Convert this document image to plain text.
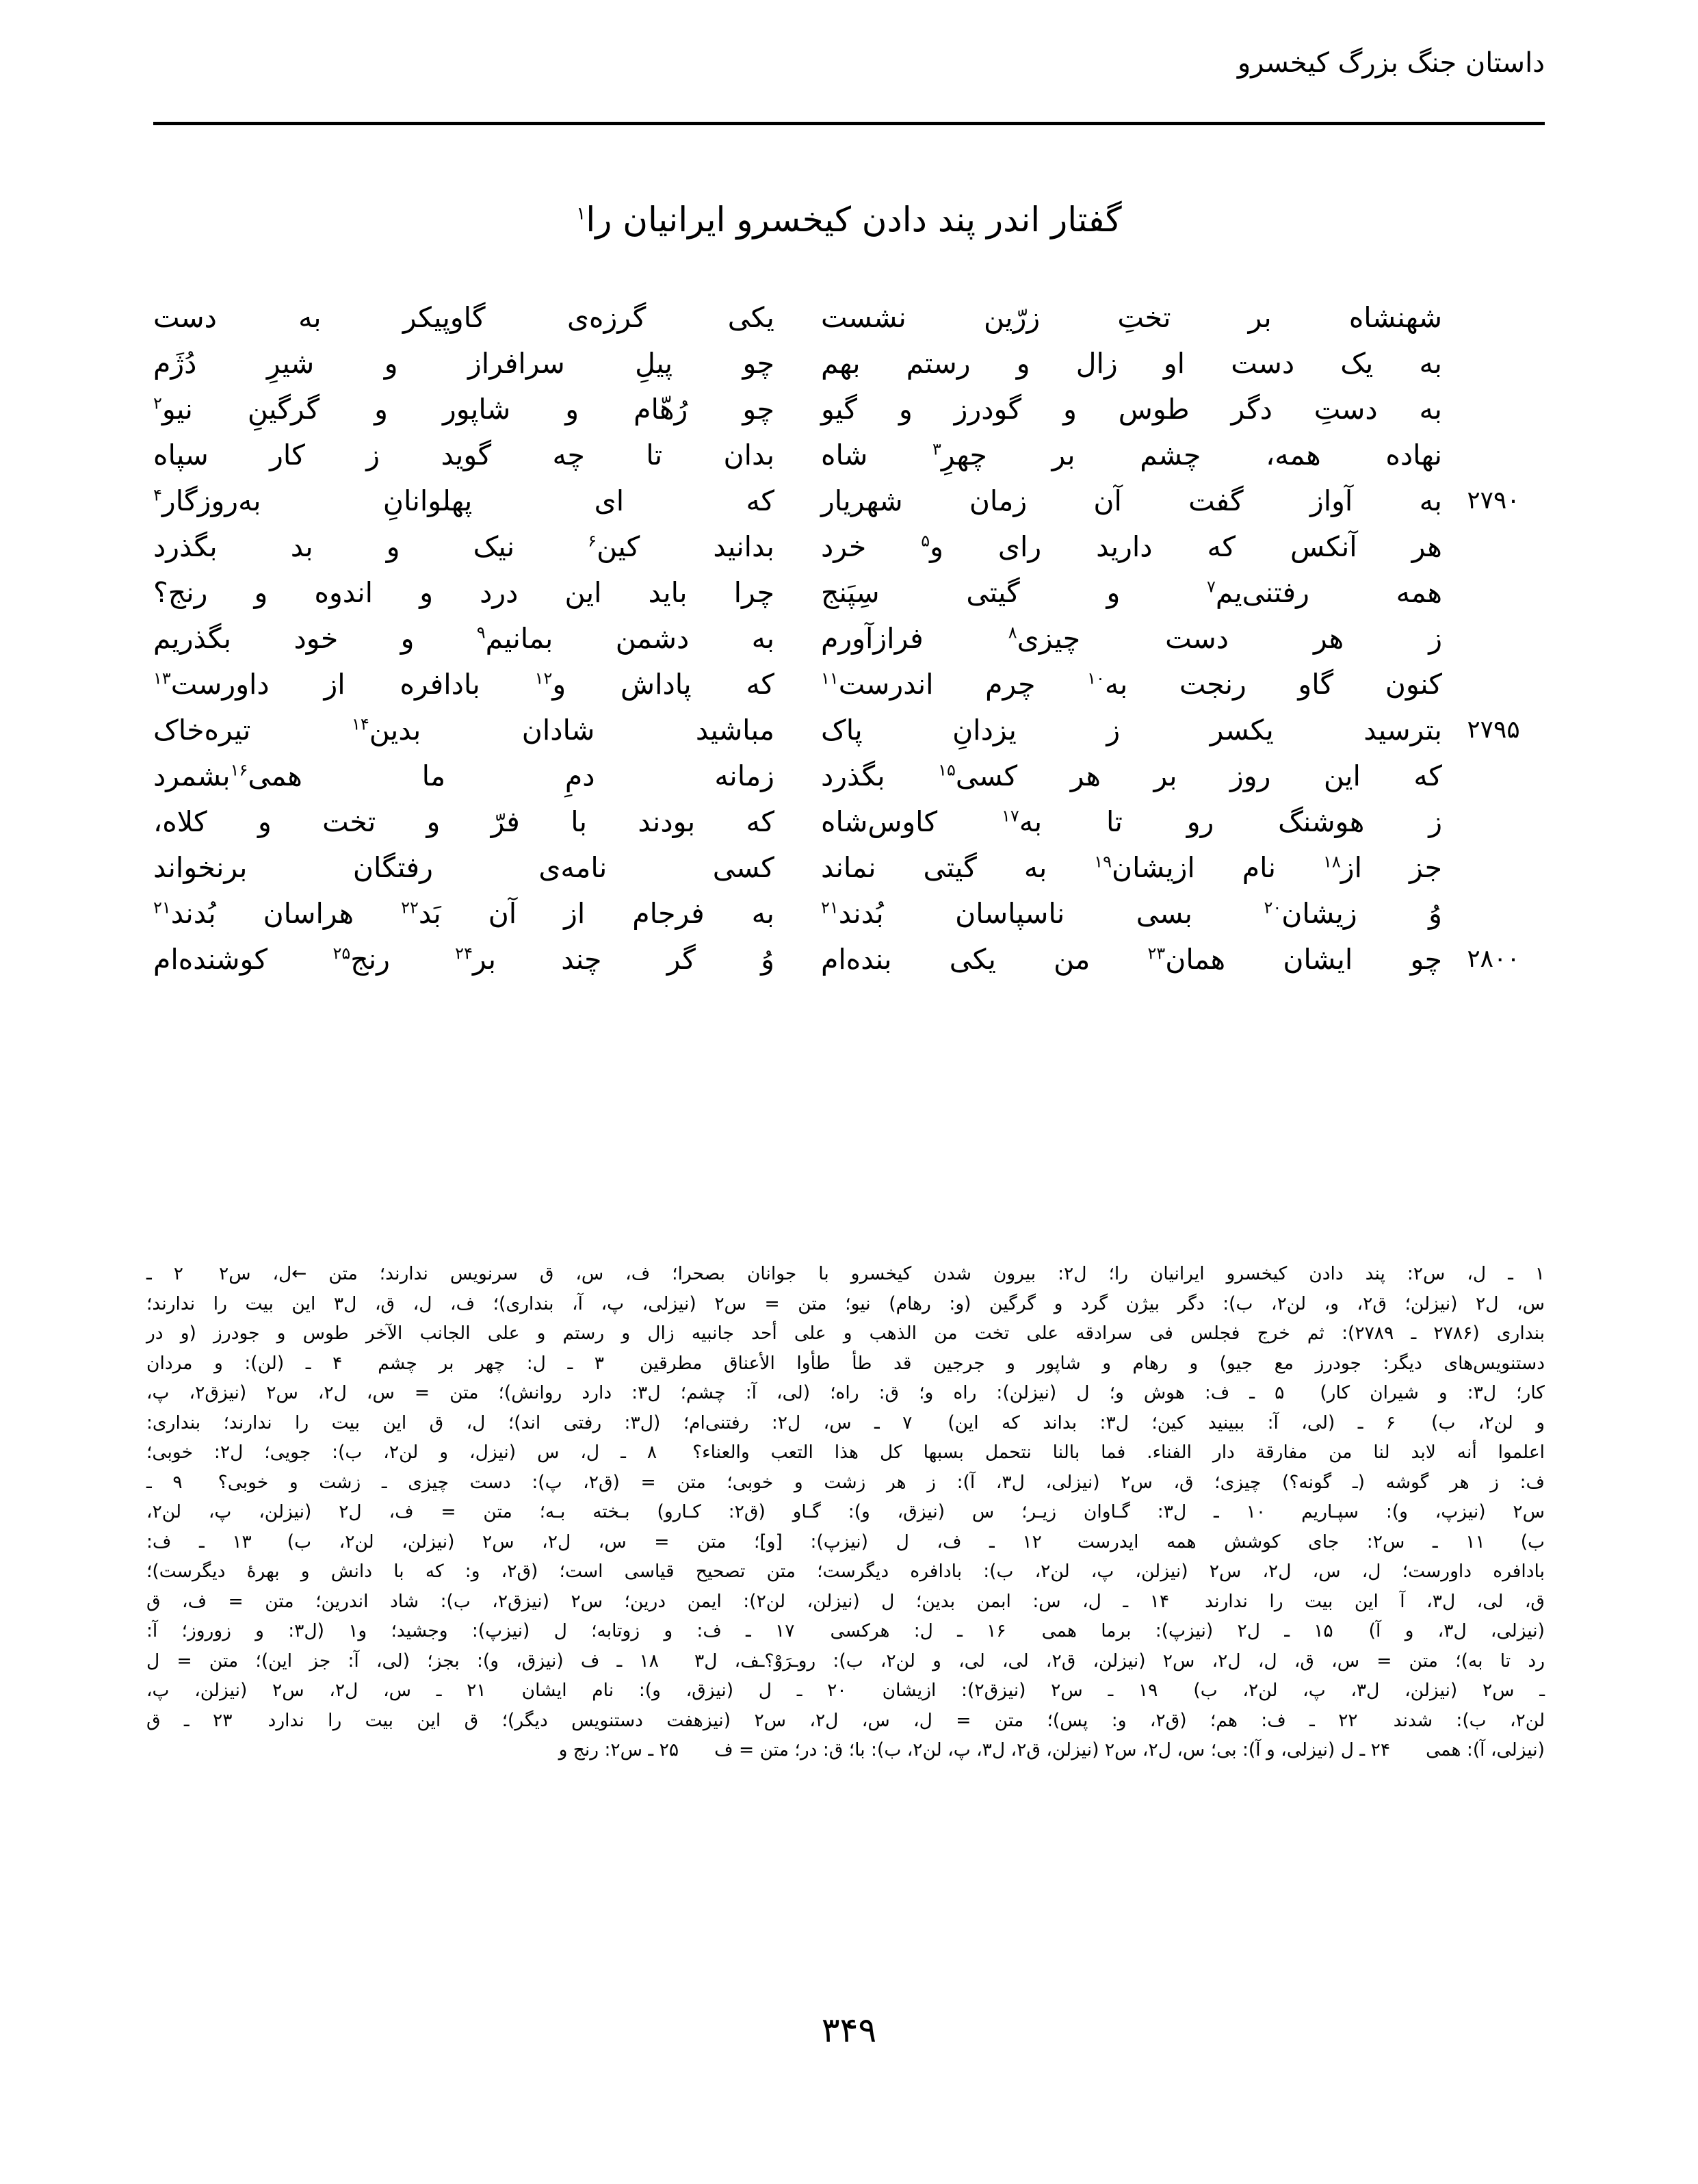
داستان جنگ بزرگ کیخسرو
گفتار اندر پند دادن کیخسرو ایرانیان را$^۱$
شهنشاه بر تختِ زرّین نشست
یکی گرزه‌ی گاوپیکر به دست
به یک دست او زال و رستم بهم
چو پیلِ سرافراز و شیرِ دُژَم
به دستِ دگر طوس و گودرز و گیو
چو رُهّام و شاپور و گرگینِ نیو$^۲$
نهاده همه، چشم بر چهرِ$^۳$ شاه
بدان تا چه گوید ز کار سپاه
۲۷۹۰
به آواز گفت آن زمان شهریار
که ای پهلوانانِ به‌روزگار$^۴$
هر آنکس که دارید رای و$^۵$ خرد
بدانید کین$^۶$ نیک و بد بگذرد
همه رفتنی‌یم$^۷$ و گیتی سِپَنج
چرا باید این درد و اندوه و رنج؟
ز هر دست چیزی$^۸$ فرازآورم
به دشمن بمانیم$^۹$ و خود بگذریم
کنون گاو رنجت به$^{۱۰}$ چرم اندرست$^{۱۱}$
که پاداش و$^{۱۲}$ بادافره از داورست$^{۱۳}$
۲۷۹۵
بترسید یکسر ز یزدانِ پاک
مباشید شادان بدین$^{۱۴}$ تیره‌خاک
که این روز بر هر کسی$^{۱۵}$ بگذرد
زمانه دمِ ما همی$^{۱۶}$بشمرد
ز هوشنگ رو تا به$^{۱۷}$ کاوس‌شاه
که بودند با فرّ و تخت و کلاه،
جز از$^{۱۸}$ نام ازیشان$^{۱۹}$ به گیتی نماند
کسی نامه‌ی رفتگان برنخواند
وُ زیشان$^{۲۰}$ بسی ناسپاسان بُدند$^{۲۱}$
به فرجام از آن بَد$^{۲۲}$ هراسان بُدند$^{۲۱}$
۲۸۰۰
چو ایشان همان$^{۲۳}$ من یکی بنده‌ام
وُ گر چند بر$^{۲۴}$ رنج$^{۲۵}$ کوشنده‌ام
۱ ـ ل، س۲: پند دادن کیخسرو ایرانیان را؛ ل۲: بیرون شدن کیخسرو با جوانان بصحرا؛ ف، س، ق سرنویس ندارند؛ متن ←ل، س۲۲ ـ
س، ل۲ (نیزلن؛ ق۲، و، لن۲، ب): دگر بیژن گرد و گرگین (و: رهام) نیو؛ متن = س۲ (نیزلی، پ، آ، بنداری)؛ ف، ل، ق، ل۳ این بیت را ندارند؛
بنداری (۲۷۸۶ ـ ۲۷۸۹): ثم خرج فجلس فی سرادقه علی تخت من الذهب و علی أحد جانبیه زال و رستم و علی الجانب الآخر طوس و جودرز (و در
دستنویس‌های دیگر: جودرز مع جیو) و رهام و شاپور و جرجین قد طأ طأوا الأعناق مطرقین۳ ـ ل: چهر بر چشم۴ ـ (لن): و مردان
کار؛ ل۳: و شیران کار)۵ ـ ف: هوش و؛ ل (نیزلن): راه و؛ ق: راه؛ (لی، آ: چشم؛ ل۳: دارد روانش)؛ متن = س، ل۲، س۲ (نیزق۲، پ،
و لن۲، ب)۶ ـ (لی، آ: ببینید کین؛ ل۳: بداند که این)۷ ـ س، ل۲: رفتنی‌ام؛ (ل۳: رفتی اند)؛ ل، ق این بیت را ندارند؛ بنداری:
اعلموا أنه لابد لنا من مفارقة دار الفناء. فما بالنا نتحمل بسبها کل هذا التعب والعناء؟۸ ـ ل، س (نیزل، و لن۲، ب): جویی؛ ل۲: خوبی؛
ف: ز هر گوشه (ـ گونه؟) چیزی؛ ق، س۲ (نیزلی، ل۳، آ): ز هر زشت و خوبی؛ متن = (ق۲، پ): دست چیزی ـ زشت و خوبی؟۹ ـ
س۲ (نیزپ، و): سپـاریم۱۰ ـ ل۳: گـاوان زیـر؛ س (نیزق، و): گـاو (ق۲: کـارو) بـخته بـه؛ متن = ف، ل۲ (نیزلن، پ، لن۲،
ب)۱۱ ـ س۲: جای کوشش همه ایدرست۱۲ ـ ف، ل (نیزپ): [و]؛ متن = س، ل۲، س۲ (نیزلن، لن۲، ب)۱۳ ـ ف:
بادافره داورست؛ ل، س، ل۲، س۲ (نیزلن، پ، لن۲، ب): بادافره دیگرست؛ متن تصحیح قیاسی است؛ (ق۲، و: که با دانش و بهرۀ دیگرست)؛
ق، لی، ل۳، آ این بیت را ندارند۱۴ ـ ل، س: ابمن بدین؛ ل (نیزلن، لن۲): ایمن درین؛ س۲ (نیزق۲، ب): شاد اندرین؛ متن = ف، ق
(نیزلی، ل۳، و آ)۱۵ ـ ل۲ (نیزپ): برما همی۱۶ ـ ل: هرکسی۱۷ ـ ف: و زوتابه؛ ل (نیزپ): وجشید؛ و۱ (ل۳: و زوروز؛ آ:
رد تا به)؛ متن = س، ق، ل، ل۲، س۲ (نیزلن، ق۲، لی، لی، و لن۲، ب): روـرَوْ؟ـف، ل۳۱۸ ـ ف (نیزق، و): بجز؛ (لی، آ: جز این)؛ متن = ل
ـ س۲ (نیزلن، ل۳، پ، لن۲، ب)۱۹ ـ س۲ (نیزق۲): ازیشان۲۰ ـ ل (نیزق، و): نام ایشان۲۱ ـ س، ل۲، س۲ (نیزلن، پ،
لن۲، ب): شدند۲۲ ـ ف: هم؛ (ق۲، و: پس)؛ متن = ل، س، ل۲، س۲ (نیزهفت دستنویس دیگر)؛ ق این بیت را ندارد۲۳ ـ ق
(نیزلی، آ): همی۲۴ ـ ل (نیزلی، و آ): بی؛ س، ل۲، س۲ (نیزلن، ق۲، ل۳، پ، لن۲، ب): با؛ ق: در؛ متن = ف۲۵ ـ س۲: رنج و
۳۴۹
